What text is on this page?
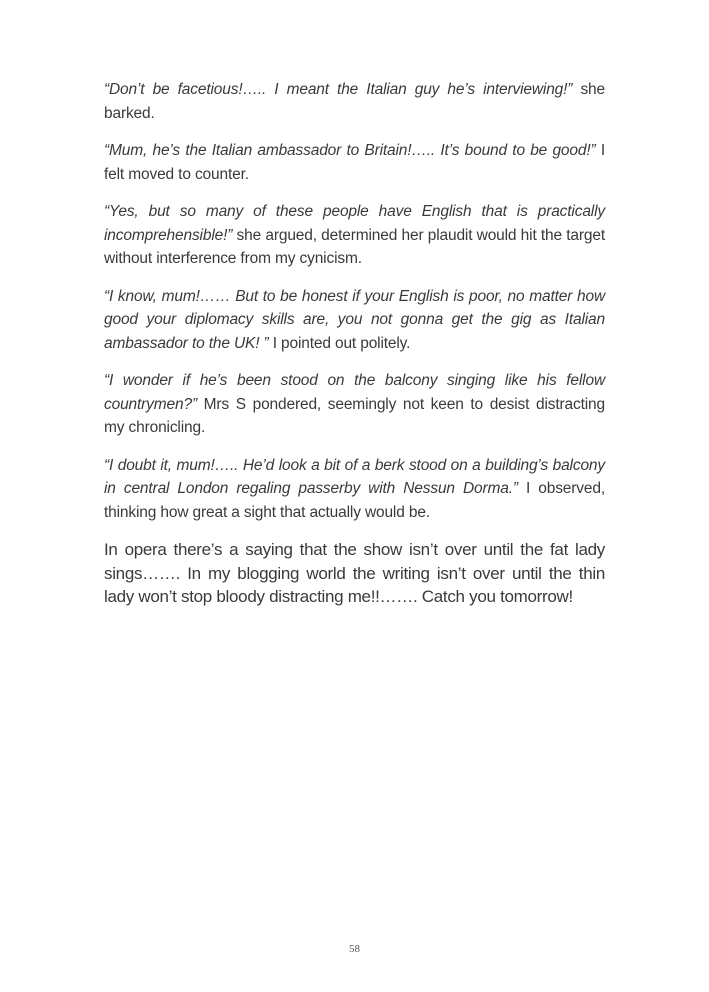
“Don’t be facetious!….. I meant the Italian guy he’s interviewing!” she barked.

“Mum, he’s the Italian ambassador to Britain!….. It’s bound to be good!” I felt moved to counter.

“Yes, but so many of these people have English that is practically incomprehensible!” she argued, determined her plaudit would hit the target without interference from my cynicism.

“I know, mum!…… But to be honest if your English is poor, no matter how good your diplomacy skills are, you not gonna get the gig as Italian ambassador to the UK! ” I pointed out politely.

“I wonder if he’s been stood on the balcony singing like his fellow countrymen?” Mrs S pondered, seemingly not keen to desist distracting my chronicling.

“I doubt it, mum!….. He’d look a bit of a berk stood on a building’s balcony in central London regaling passerby with Nessun Dorma.” I observed, thinking how great a sight that actually would be.

In opera there’s a saying that the show isn’t over until the fat lady sings……. In my blogging world the writing isn’t over until the thin lady won’t stop bloody distracting me!!……. Catch you tomorrow!

58
